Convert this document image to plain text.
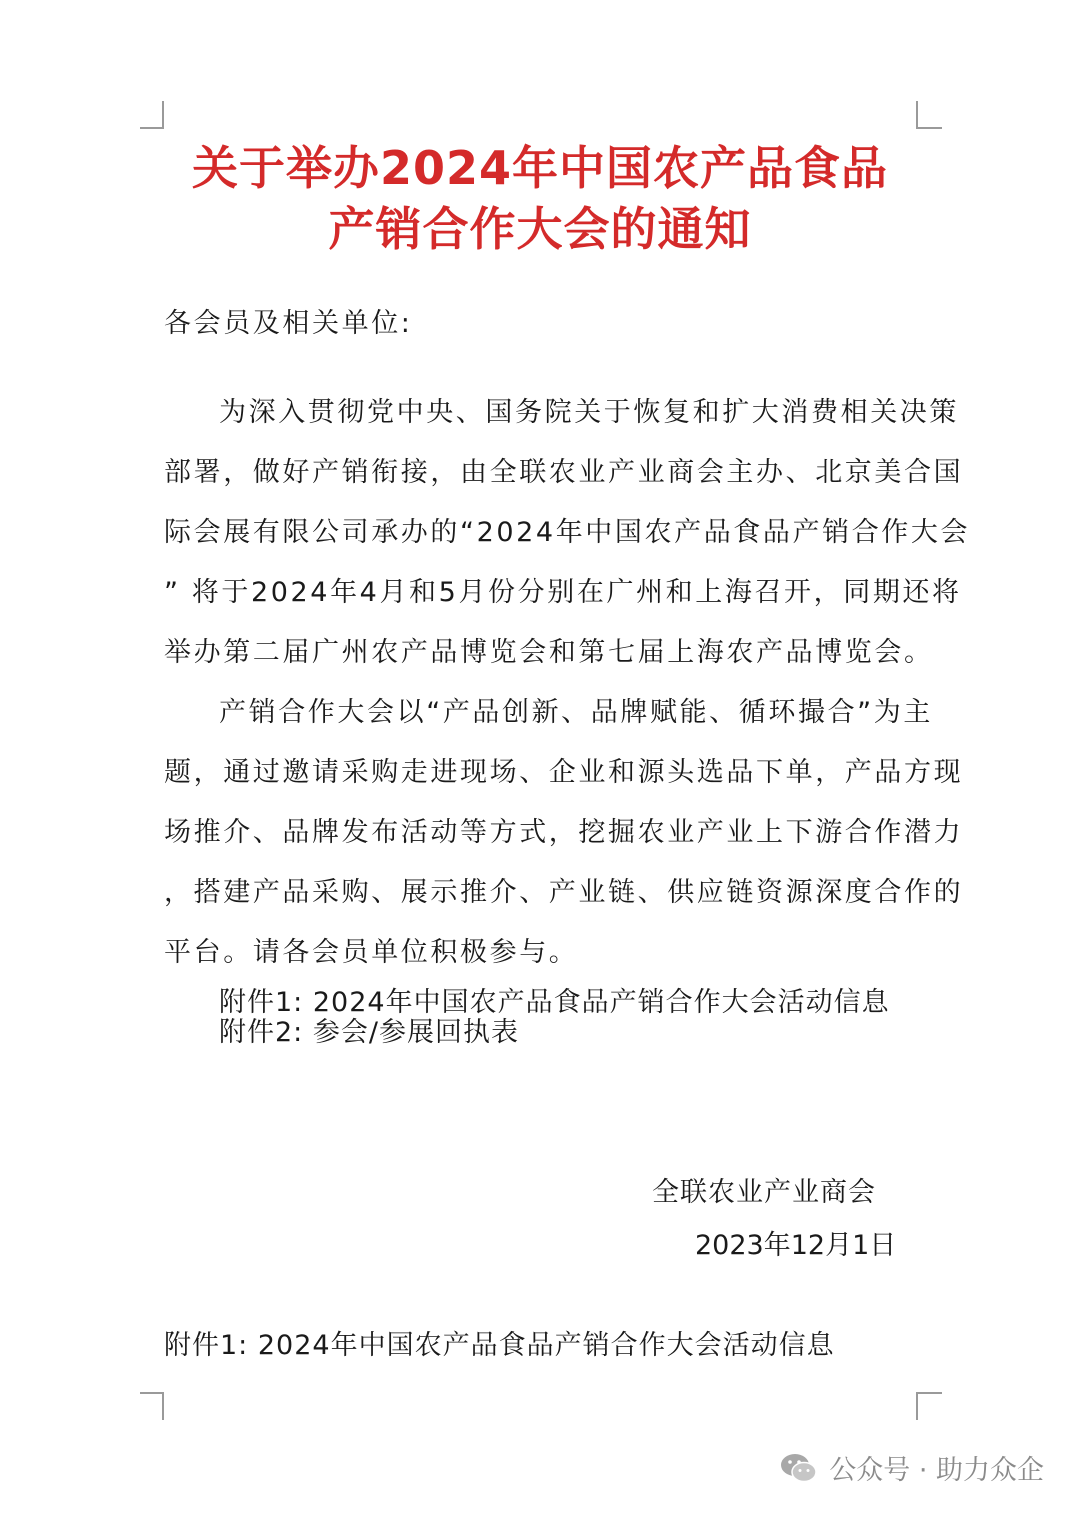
关于举办2024年中国农产品食品
产销合作大会的通知
各会员及相关单位:
为深入贯彻党中央、国务院关于恢复和扩大消费相关决策
部署，做好产销衔接，由全联农业产业商会主办、北京美合国
际会展有限公司承办的“2024年中国农产品食品产销合作大会
” 将于2024年4月和5月份分别在广州和上海召开，同期还将
举办第二届广州农产品博览会和第七届上海农产品博览会。
产销合作大会以“产品创新、品牌赋能、循环撮合”为主
题，通过邀请采购走进现场、企业和源头选品下单，产品方现
场推介、品牌发布活动等方式，挖掘农业产业上下游合作潜力
，搭建产品采购、展示推介、产业链、供应链资源深度合作的
平台。请各会员单位积极参与。
附件1: 2024年中国农产品食品产销合作大会活动信息
附件2: 参会/参展回执表
全联农业产业商会
2023年12月1日
附件1: 2024年中国农产品食品产销合作大会活动信息
公众号 · 助力众企
